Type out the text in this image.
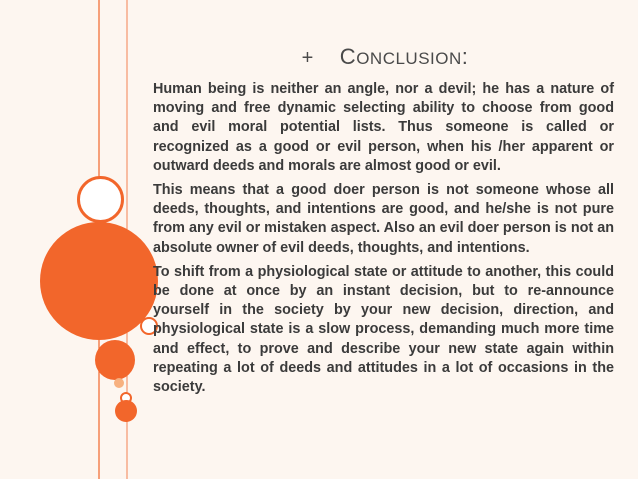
+ CONCLUSION:

Human being is neither an angle, nor a devil; he has a nature of moving and free dynamic selecting ability to choose from good and evil moral potential lists. Thus someone is called or recognized as a good or evil person, when his /her apparent or outward deeds and morals are almost good or evil.

This means that a good doer person is not someone whose all deeds, thoughts, and intentions are good, and he/she is not pure from any evil or mistaken aspect. Also an evil doer person is not an absolute owner of evil deeds, thoughts, and intentions.

To shift from a physiological state or attitude to another, this could be done at once by an instant decision, but to re-announce yourself in the society by your new decision, direction, and physiological state is a slow process, demanding much more time and effect, to prove and describe your new state again within repeating a lot of deeds and attitudes in a lot of occasions in the society.
